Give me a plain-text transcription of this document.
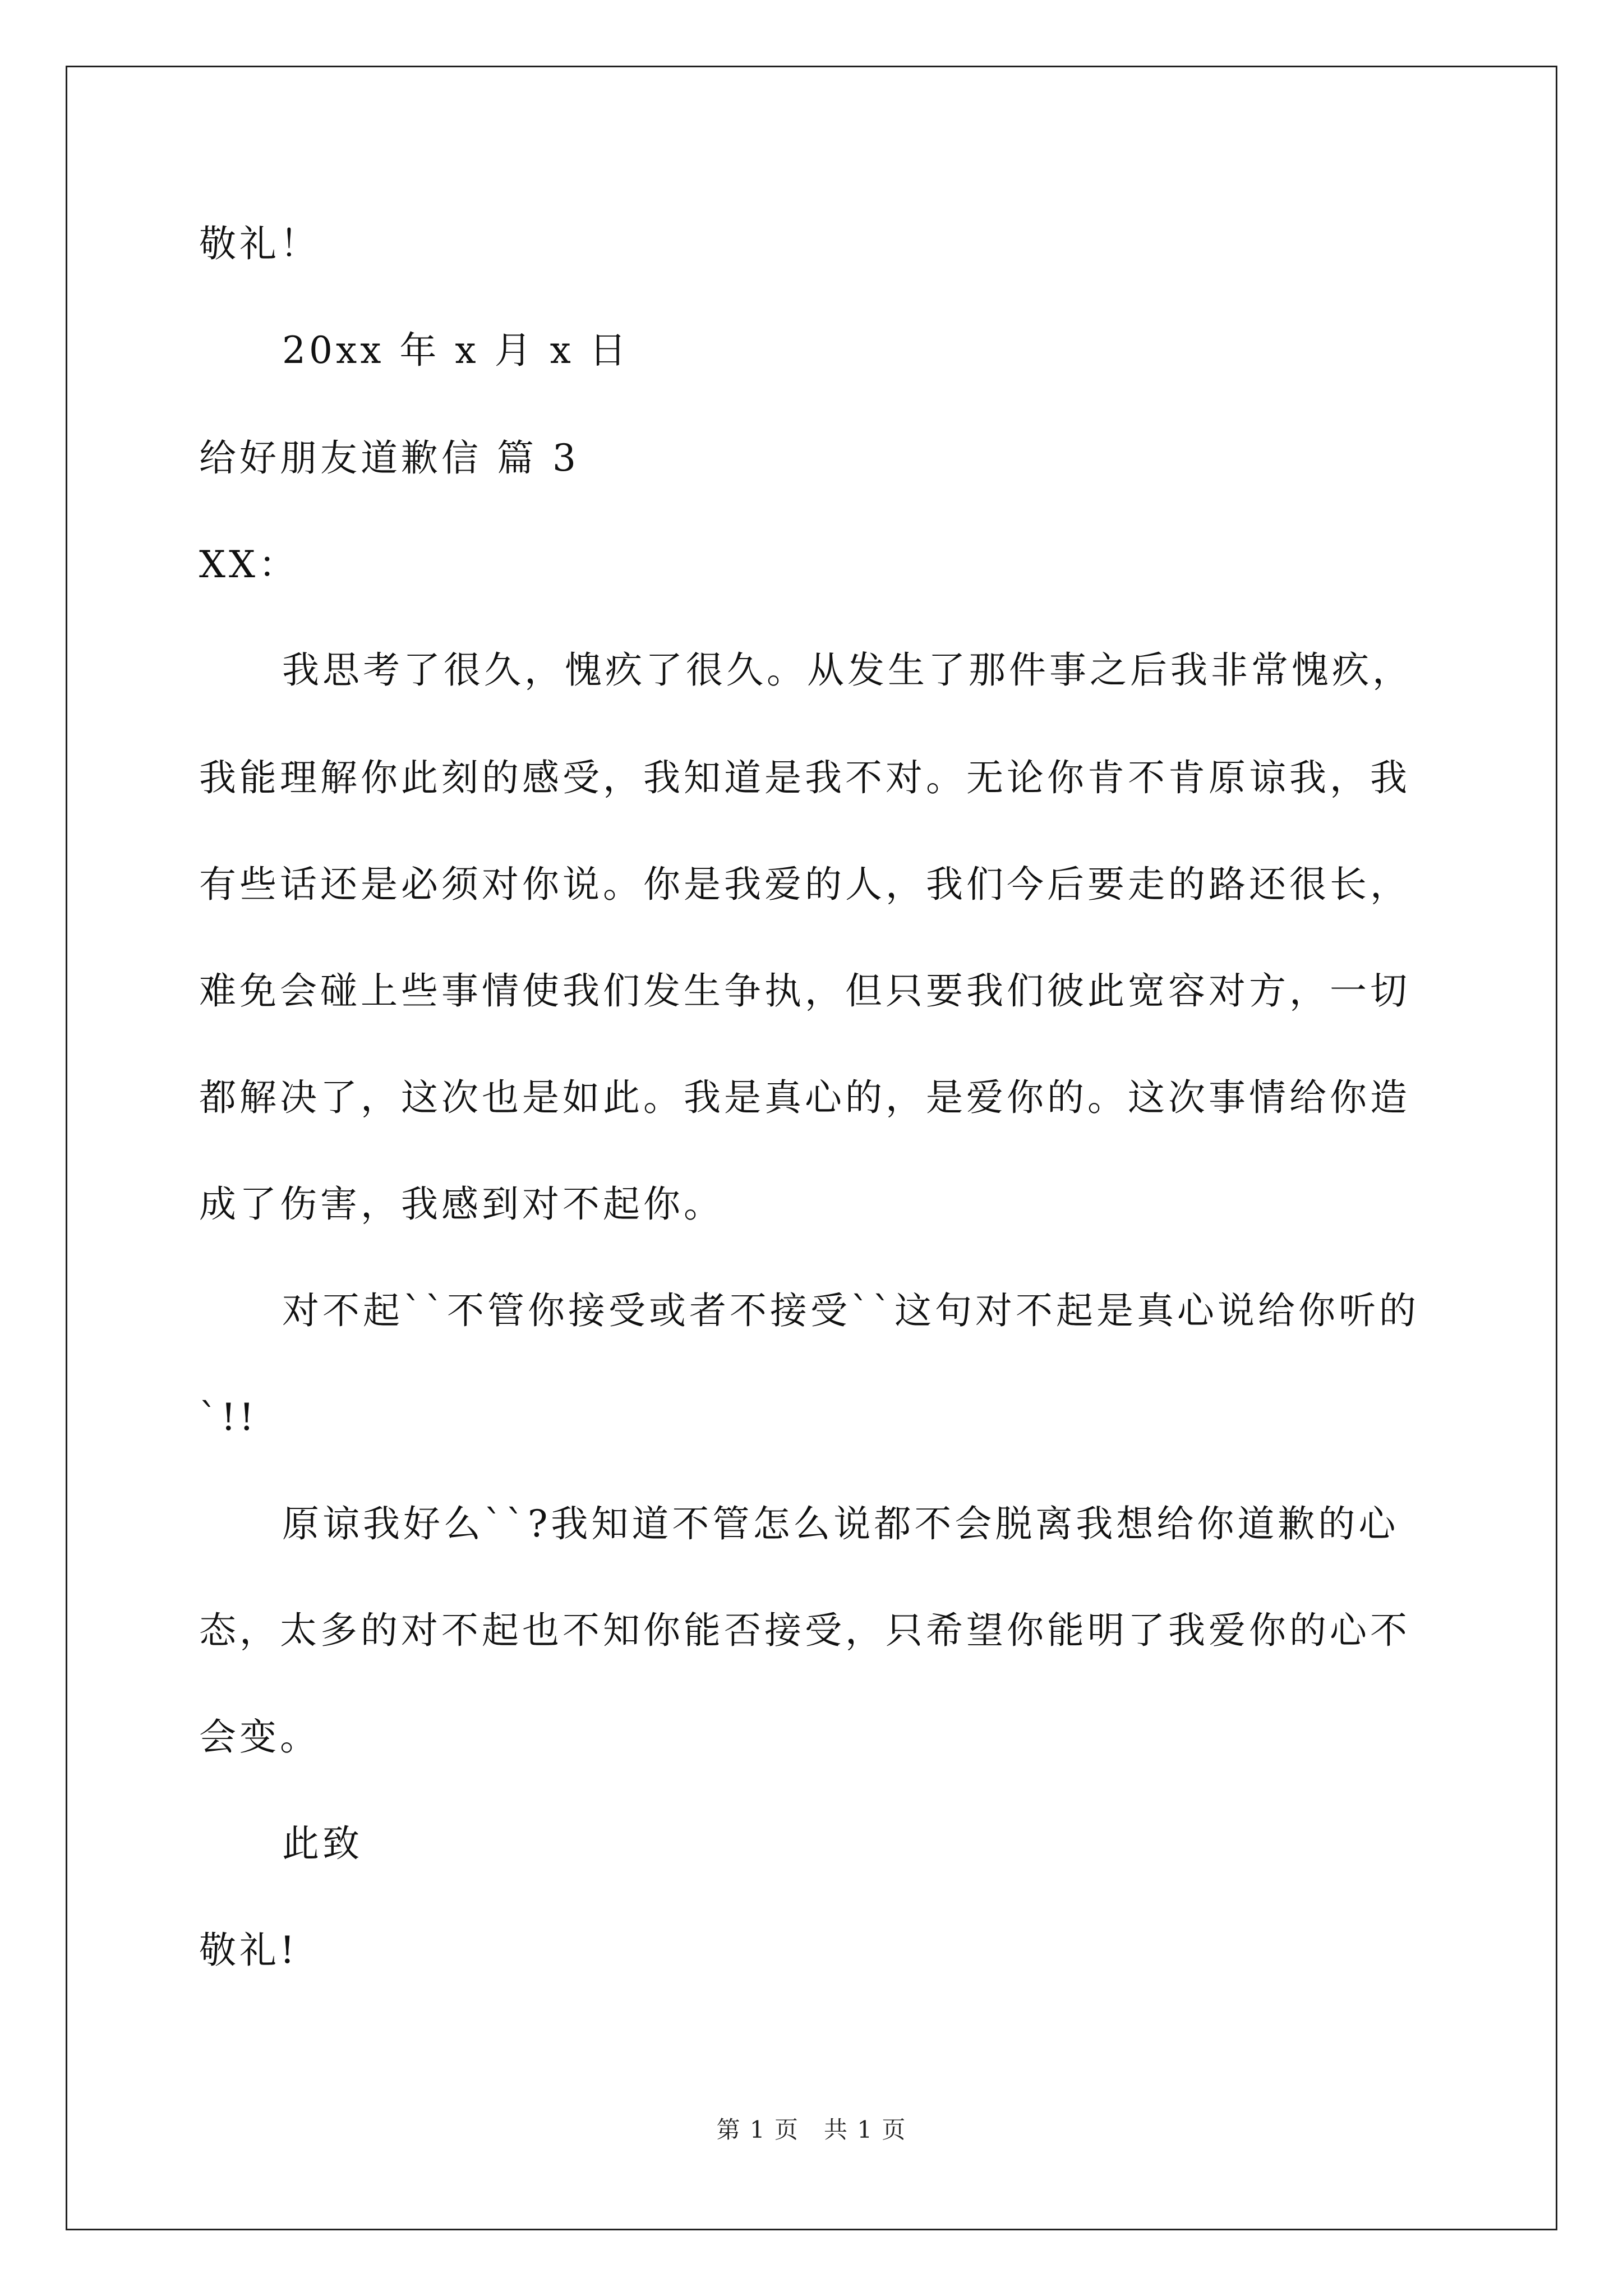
敬礼！
20xx 年 x 月 x 日
给好朋友道歉信 篇 3
XX：
我思考了很久，愧疚了很久。从发生了那件事之后我非常愧疚，
我能理解你此刻的感受，我知道是我不对。无论你肯不肯原谅我，我
有些话还是必须对你说。你是我爱的人，我们今后要走的路还很长，
难免会碰上些事情使我们发生争执，但只要我们彼此宽容对方，一切
都解决了，这次也是如此。我是真心的，是爱你的。这次事情给你造
成了伤害，我感到对不起你。
对不起``不管你接受或者不接受``这句对不起是真心说给你听的
`!!
原谅我好么``?我知道不管怎么说都不会脱离我想给你道歉的心
态，太多的对不起也不知你能否接受，只希望你能明了我爱你的心不
会变。
此致
敬礼!
第 1 页　共 1 页
